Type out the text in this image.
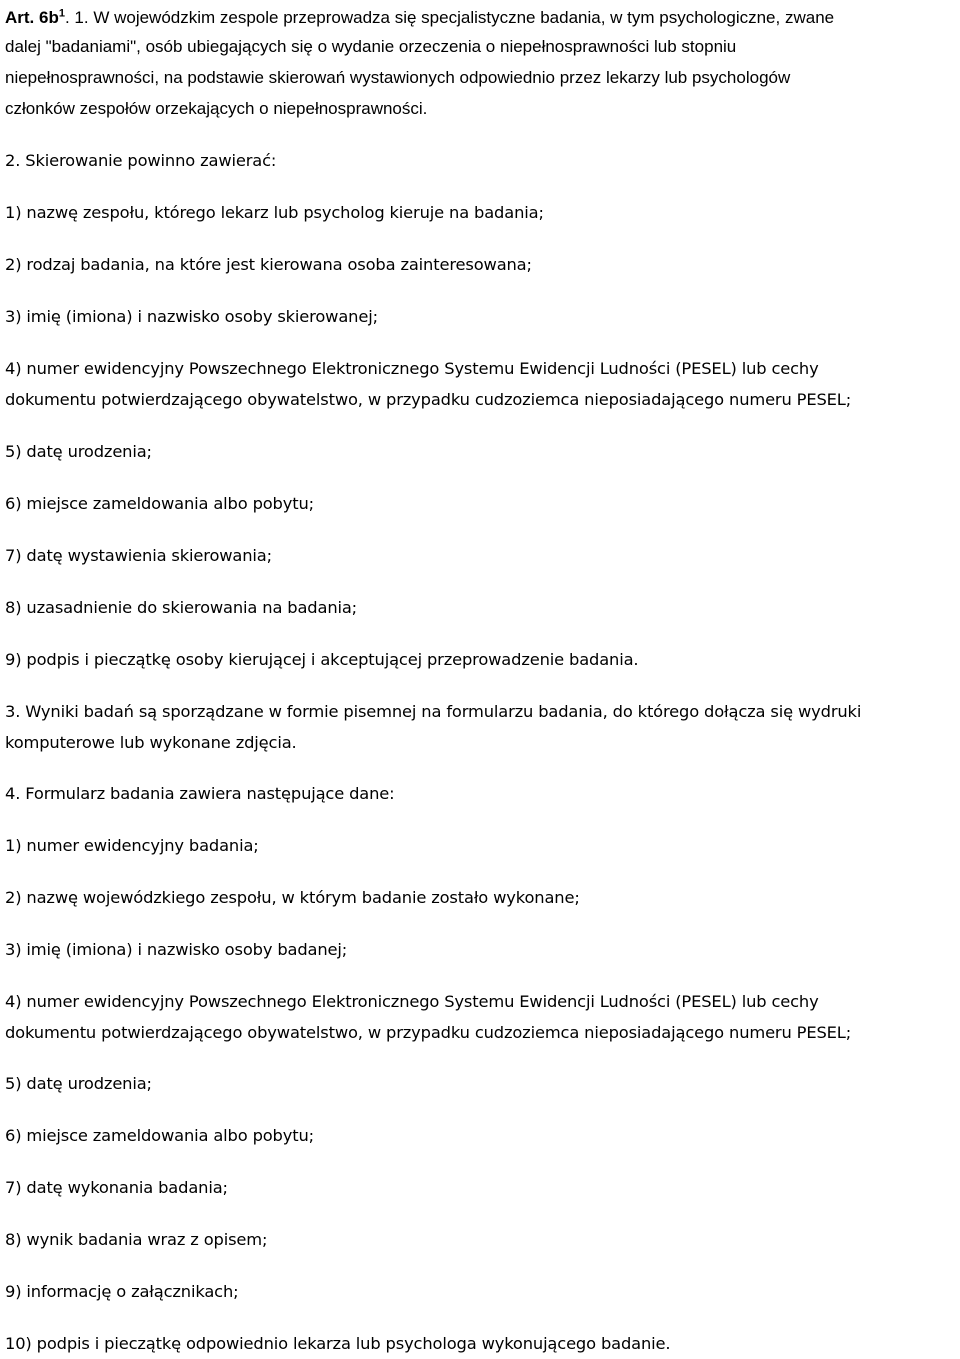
Art. $6b^1$. 1. W wojewódzkim zespole przeprowadza się specjalistyczne badania, w tym psychologiczne, zwane
dalej "badaniami", osób ubiegających się o wydanie orzeczenia o niepełnosprawności lub stopniu
niepełnosprawności, na podstawie skierowań wystawionych odpowiednio przez lekarzy lub psychologów
członków zespołów orzekających o niepełnosprawności.
2. Skierowanie powinno zawierać:
1) nazwę zespołu, którego lekarz lub psycholog kieruje na badania;
2) rodzaj badania, na które jest kierowana osoba zainteresowana;
3) imię (imiona) i nazwisko osoby skierowanej;
4) numer ewidencyjny Powszechnego Elektronicznego Systemu Ewidencji Ludności (PESEL) lub cechy
dokumentu potwierdzającego obywatelstwo, w przypadku cudzoziemca nieposiadającego numeru PESEL;
5) datę urodzenia;
6) miejsce zameldowania albo pobytu;
7) datę wystawienia skierowania;
8) uzasadnienie do skierowania na badania;
9) podpis i pieczątkę osoby kierującej i akceptującej przeprowadzenie badania.
3. Wyniki badań są sporządzane w formie pisemnej na formularzu badania, do którego dołącza się wydruki
komputerowe lub wykonane zdjęcia.
4. Formularz badania zawiera następujące dane:
1) numer ewidencyjny badania;
2) nazwę wojewódzkiego zespołu, w którym badanie zostało wykonane;
3) imię (imiona) i nazwisko osoby badanej;
4) numer ewidencyjny Powszechnego Elektronicznego Systemu Ewidencji Ludności (PESEL) lub cechy
dokumentu potwierdzającego obywatelstwo, w przypadku cudzoziemca nieposiadającego numeru PESEL;
5) datę urodzenia;
6) miejsce zameldowania albo pobytu;
7) datę wykonania badania;
8) wynik badania wraz z opisem;
9) informację o załącznikach;
10) podpis i pieczątkę odpowiednio lekarza lub psychologa wykonującego badanie.
